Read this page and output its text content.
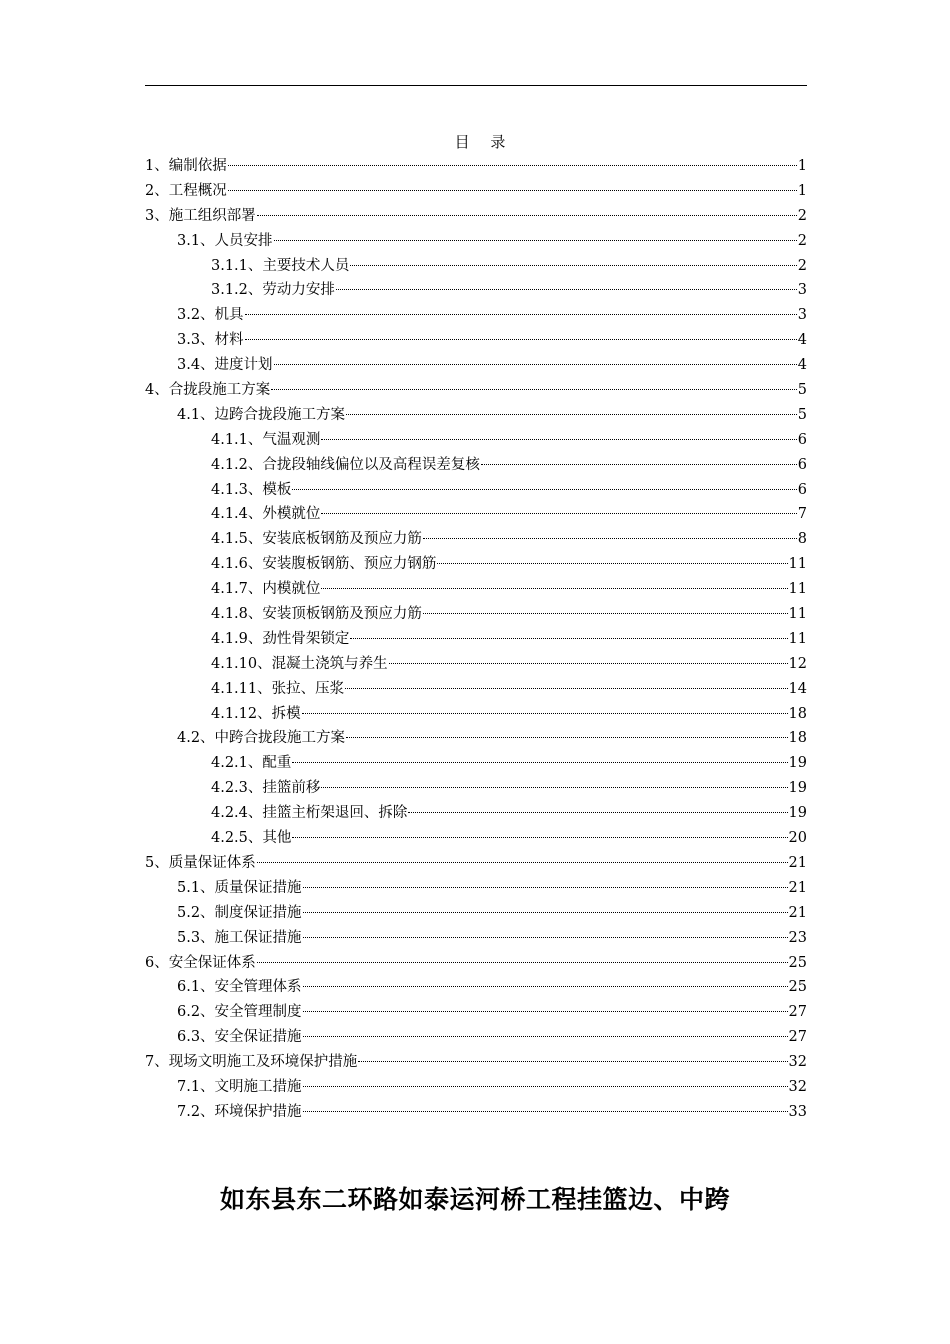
目 录
1、编制依据	1
2、工程概况	1
3、施工组织部署	2
3.1、人员安排	2
3.1.1、主要技术人员	2
3.1.2、劳动力安排	3
3.2、机具	3
3.3、材料	4
3.4、进度计划	4
4、合拢段施工方案	5
4.1、边跨合拢段施工方案	5
4.1.1、气温观测	6
4.1.2、合拢段轴线偏位以及高程误差复核	6
4.1.3、模板	6
4.1.4、外模就位	7
4.1.5、安装底板钢筋及预应力筋	8
4.1.6、安装腹板钢筋、预应力钢筋	11
4.1.7、内模就位	11
4.1.8、安装顶板钢筋及预应力筋	11
4.1.9、劲性骨架锁定	11
4.1.10、混凝土浇筑与养生	12
4.1.11、张拉、压浆	14
4.1.12、拆模	18
4.2、中跨合拢段施工方案	18
4.2.1、配重	19
4.2.3、挂篮前移	19
4.2.4、挂篮主桁架退回、拆除	19
4.2.5、其他	20
5、质量保证体系	21
5.1、质量保证措施	21
5.2、制度保证措施	21
5.3、施工保证措施	23
6、安全保证体系	25
6.1、安全管理体系	25
6.2、安全管理制度	27
6.3、安全保证措施	27
7、现场文明施工及环境保护措施	32
7.1、文明施工措施	32
7.2、环境保护措施	33
如东县东二环路如泰运河桥工程挂篮边、中跨
